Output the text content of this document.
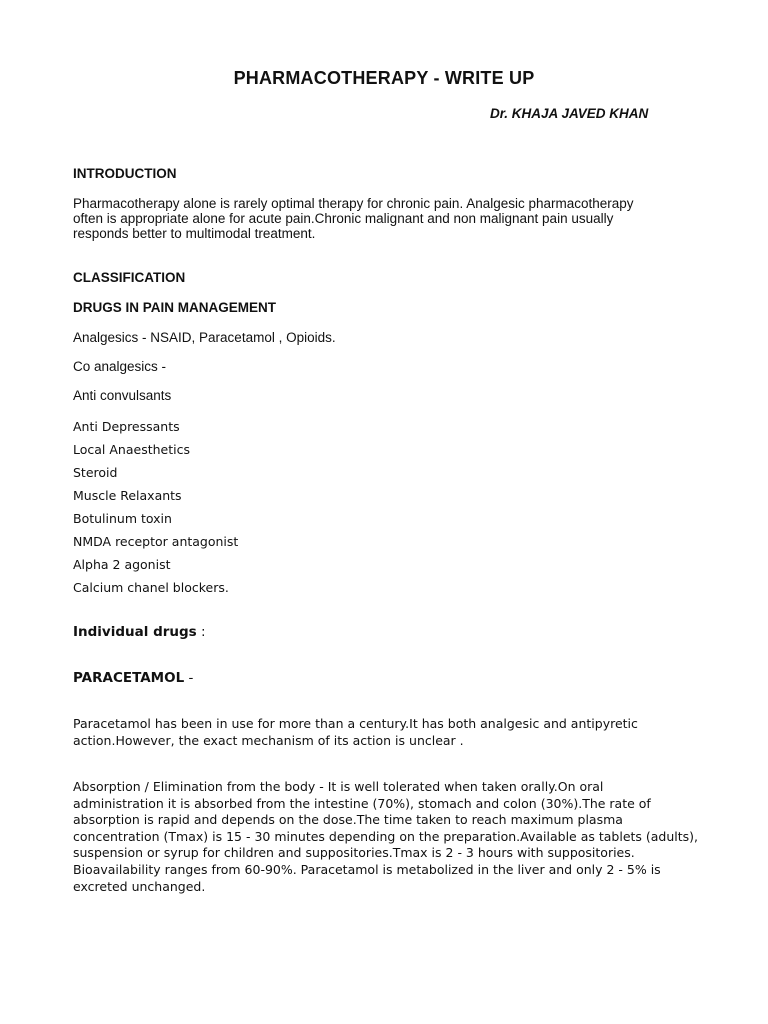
PHARMACOTHERAPY - WRITE UP
Dr. KHAJA JAVED KHAN
INTRODUCTION
Pharmacotherapy alone is rarely optimal therapy for chronic pain. Analgesic pharmacotherapy
often is appropriate alone for acute pain.Chronic malignant and non malignant pain usually
responds better to multimodal treatment.
CLASSIFICATION
DRUGS IN PAIN MANAGEMENT
Analgesics - NSAID, Paracetamol , Opioids.
Co analgesics -
Anti convulsants
Anti Depressants
Local Anaesthetics
Steroid
Muscle Relaxants
Botulinum toxin
NMDA receptor antagonist
Alpha 2 agonist
Calcium chanel blockers.
Individual drugs :
PARACETAMOL -
Paracetamol has been in use for more than a century.It has both analgesic and antipyretic
action.However, the exact mechanism of its action is unclear .
Absorption / Elimination from the body - It is well tolerated when taken orally.On oral
administration it is absorbed from the intestine (70%), stomach and colon (30%).The rate of
absorption is rapid and depends on the dose.The time taken to reach maximum plasma
concentration (Tmax) is 15 - 30 minutes depending on the preparation.Available as tablets (adults),
suspension or syrup for children and suppositories.Tmax is 2 - 3 hours with suppositories.
Bioavailability ranges from 60-90%. Paracetamol is metabolized in the liver and only 2 - 5% is
excreted unchanged.
